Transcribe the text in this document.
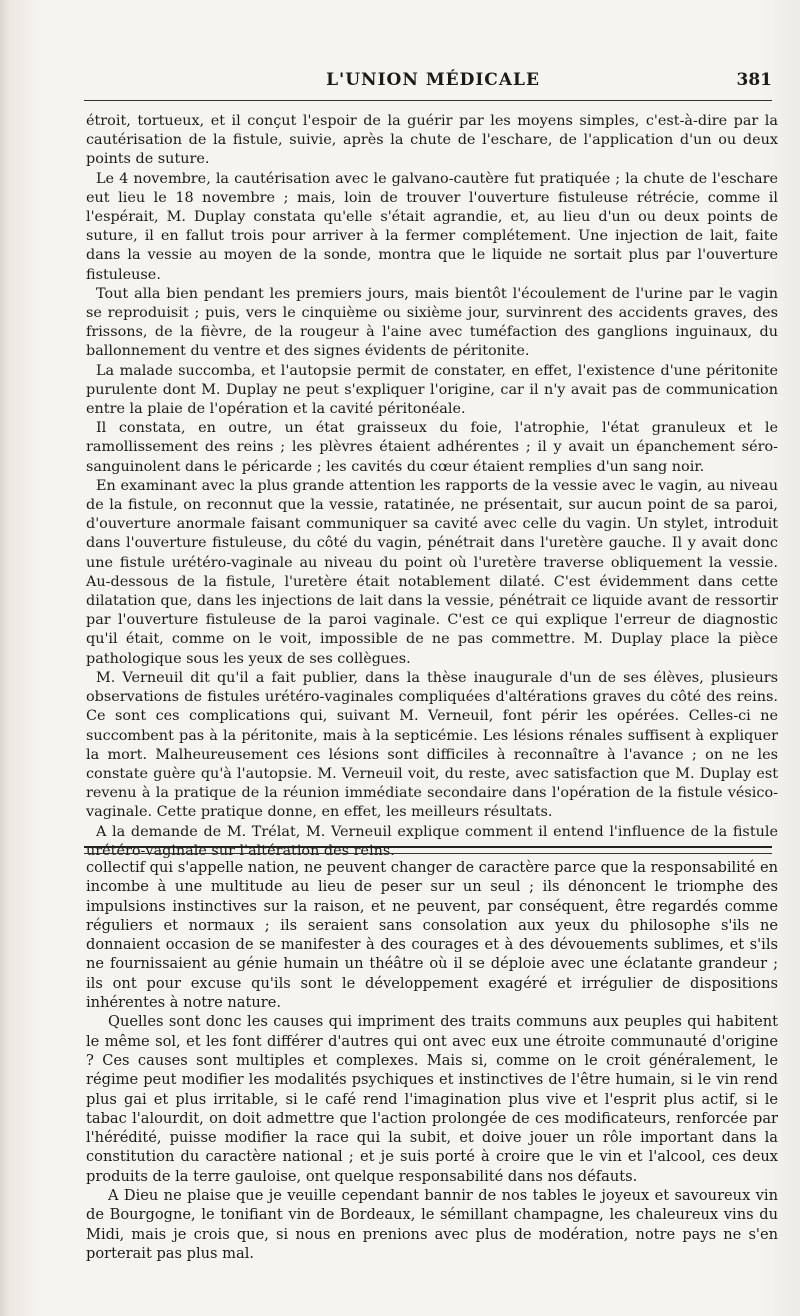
L'UNION MÉDICALE	381

étroit, tortueux, et il conçut l'espoir de la guérir par les moyens simples, c'est-à-dire par la cautérisation de la fistule, suivie, après la chute de l'eschare, de l'application d'un ou deux points de suture.

Le 4 novembre, la cautérisation avec le galvano-cautère fut pratiquée ; la chute de l'eschare eut lieu le 18 novembre ; mais, loin de trouver l'ouverture fistuleuse rétrécie, comme il l'espérait, M. Duplay constata qu'elle s'était agrandie, et, au lieu d'un ou deux points de suture, il en fallut trois pour arriver à la fermer complétement. Une injection de lait, faite dans la vessie au moyen de la sonde, montra que le liquide ne sortait plus par l'ouverture fistuleuse.

Tout alla bien pendant les premiers jours, mais bientôt l'écoulement de l'urine par le vagin se reproduisit ; puis, vers le cinquième ou sixième jour, survinrent des accidents graves, des frissons, de la fièvre, de la rougeur à l'aine avec tuméfaction des ganglions inguinaux, du ballonnement du ventre et des signes évidents de péritonite.

La malade succomba, et l'autopsie permit de constater, en effet, l'existence d'une péritonite purulente dont M. Duplay ne peut s'expliquer l'origine, car il n'y avait pas de communication entre la plaie de l'opération et la cavité péritonéale.

Il constata, en outre, un état graisseux du foie, l'atrophie, l'état granuleux et le ramollissement des reins ; les plèvres étaient adhérentes ; il y avait un épanchement séro-sanguinolent dans le péricarde ; les cavités du cœur étaient remplies d'un sang noir.

En examinant avec la plus grande attention les rapports de la vessie avec le vagin, au niveau de la fistule, on reconnut que la vessie, ratatinée, ne présentait, sur aucun point de sa paroi, d'ouverture anormale faisant communiquer sa cavité avec celle du vagin. Un stylet, introduit dans l'ouverture fistuleuse, du côté du vagin, pénétrait dans l'uretère gauche. Il y avait donc une fistule urétéro-vaginale au niveau du point où l'uretère traverse obliquement la vessie. Au-dessous de la fistule, l'uretère était notablement dilaté. C'est évidemment dans cette dilatation que, dans les injections de lait dans la vessie, pénétrait ce liquide avant de ressortir par l'ouverture fistuleuse de la paroi vaginale. C'est ce qui explique l'erreur de diagnostic qu'il était, comme on le voit, impossible de ne pas commettre. M. Duplay place la pièce pathologique sous les yeux de ses collègues.

M. Verneuil dit qu'il a fait publier, dans la thèse inaugurale d'un de ses élèves, plusieurs observations de fistules urétéro-vaginales compliquées d'altérations graves du côté des reins. Ce sont ces complications qui, suivant M. Verneuil, font périr les opérées. Celles-ci ne succombent pas à la péritonite, mais à la septicémie. Les lésions rénales suffisent à expliquer la mort. Malheureusement ces lésions sont difficiles à reconnaître à l'avance ; on ne les constate guère qu'à l'autopsie. M. Verneuil voit, du reste, avec satisfaction que M. Duplay est revenu à la pratique de la réunion immédiate secondaire dans l'opération de la fistule vésico-vaginale. Cette pratique donne, en effet, les meilleurs résultats.

A la demande de M. Trélat, M. Verneuil explique comment il entend l'influence de la fistule urétéro-vaginale sur l'altération des reins.

collectif qui s'appelle nation, ne peuvent changer de caractère parce que la responsabilité en incombe à une multitude au lieu de peser sur un seul ; ils dénoncent le triomphe des impulsions instinctives sur la raison, et ne peuvent, par conséquent, être regardés comme réguliers et normaux ; ils seraient sans consolation aux yeux du philosophe s'ils ne donnaient occasion de se manifester à des courages et à des dévouements sublimes, et s'ils ne fournissaient au génie humain un théâtre où il se déploie avec une éclatante grandeur ; ils ont pour excuse qu'ils sont le développement exagéré et irrégulier de dispositions inhérentes à notre nature.

Quelles sont donc les causes qui impriment des traits communs aux peuples qui habitent le même sol, et les font différer d'autres qui ont avec eux une étroite communauté d'origine ? Ces causes sont multiples et complexes. Mais si, comme on le croit généralement, le régime peut modifier les modalités psychiques et instinctives de l'être humain, si le vin rend plus gai et plus irritable, si le café rend l'imagination plus vive et l'esprit plus actif, si le tabac l'alourdit, on doit admettre que l'action prolongée de ces modificateurs, renforcée par l'hérédité, puisse modifier la race qui la subit, et doive jouer un rôle important dans la constitution du caractère national ; et je suis porté à croire que le vin et l'alcool, ces deux produits de la terre gauloise, ont quelque responsabilité dans nos défauts.

A Dieu ne plaise que je veuille cependant bannir de nos tables le joyeux et savoureux vin de Bourgogne, le tonifiant vin de Bordeaux, le sémillant champagne, les chaleureux vins du Midi, mais je crois que, si nous en prenions avec plus de modération, notre pays ne s'en porterait pas plus mal.
